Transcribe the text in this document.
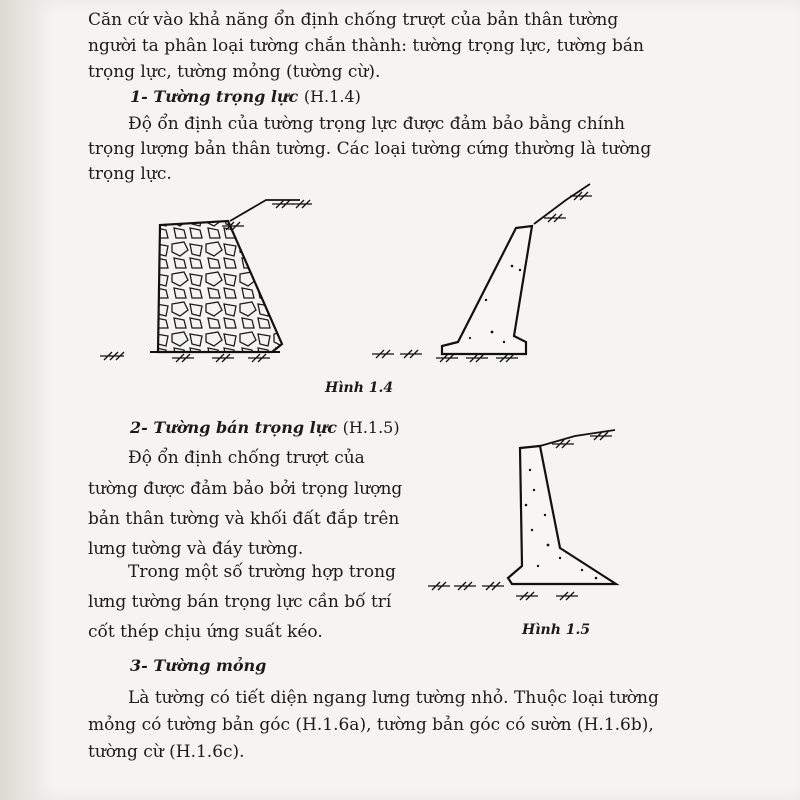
Căn cứ vào khả năng ổn định chống trượt của bản thân tường
người ta phân loại tường chắn thành: tường trọng lực, tường bán
trọng lực, tường mỏng (tường cừ).
1- Tường trọng lực (H.1.4)
Độ ổn định của tường trọng lực được đảm bảo bằng chính
trọng lượng bản thân tường. Các loại tường cứng thường là tường
trọng lực.
Hình 1.4
2- Tường bán trọng lực (H.1.5)
Độ ổn định chống trượt của
tường được đảm bảo bởi trọng lượng
bản thân tường và khối đất đắp trên
lưng tường và đáy tường.
Trong một số trường hợp trong
lưng tường bán trọng lực cần bố trí
cốt thép chịu ứng suất kéo.	Hình 1.5
3- Tường mỏng
Là tường có tiết diện ngang lưng tường nhỏ. Thuộc loại tường
mỏng có tường bản góc (H.1.6a), tường bản góc có sườn (H.1.6b),
tường cừ (H.1.6c).
